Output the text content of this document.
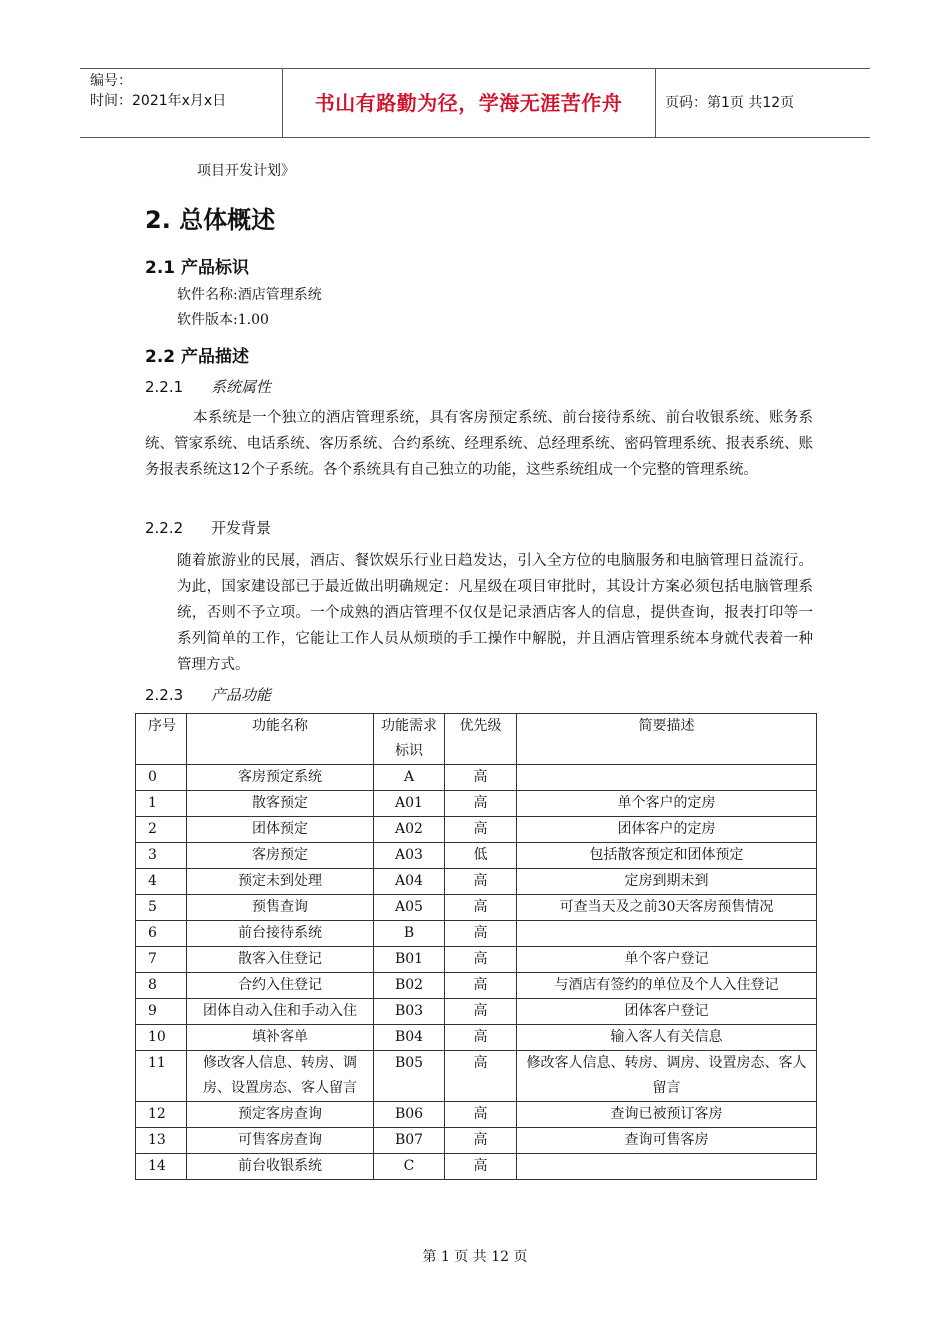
编号：
时间：2021年x月x日	书山有路勤为径，学海无涯苦作舟	页码：第1页 共12页
项目开发计划》
2. 总体概述
2.1 产品标识
软件名称:酒店管理系统
软件版本:1.00
2.2 产品描述
2.2.1 系统属性
本系统是一个独立的酒店管理系统，具有客房预定系统、前台接待系统、前台收银系统、账务系统、管家系统、电话系统、客历系统、合约系统、经理系统、总经理系统、密码管理系统、报表系统、账务报表系统这12个子系统。各个系统具有自己独立的功能，这些系统组成一个完整的管理系统。
2.2.2 开发背景
随着旅游业的民展，酒店、餐饮娱乐行业日趋发达，引入全方位的电脑服务和电脑管理日益流行。为此，国家建设部已于最近做出明确规定：凡星级在项目审批时，其设计方案必须包括电脑管理系统，否则不予立项。一个成熟的酒店管理不仅仅是记录酒店客人的信息，提供查询，报表打印等一系列简单的工作，它能让工作人员从烦琐的手工操作中解脱，并且酒店管理系统本身就代表着一种管理方式。
2.2.3 产品功能
序号	功能名称	功能需求标识	优先级	简要描述
0	客房预定系统	A	高	
1	散客预定	A01	高	单个客户的定房
2	团体预定	A02	高	团体客户的定房
3	客房预定	A03	低	包括散客预定和团体预定
4	预定未到处理	A04	高	定房到期未到
5	预售查询	A05	高	可查当天及之前30天客房预售情况
6	前台接待系统	B	高	
7	散客入住登记	B01	高	单个客户登记
8	合约入住登记	B02	高	与酒店有签约的单位及个人入住登记
9	团体自动入住和手动入住	B03	高	团体客户登记
10	填补客单	B04	高	输入客人有关信息
11	修改客人信息、转房、调房、设置房态、客人留言	B05	高	修改客人信息、转房、调房、设置房态、客人留言
12	预定客房查询	B06	高	查询已被预订客房
13	可售客房查询	B07	高	查询可售客房
14	前台收银系统	C	高	
第 1 页 共 12 页
